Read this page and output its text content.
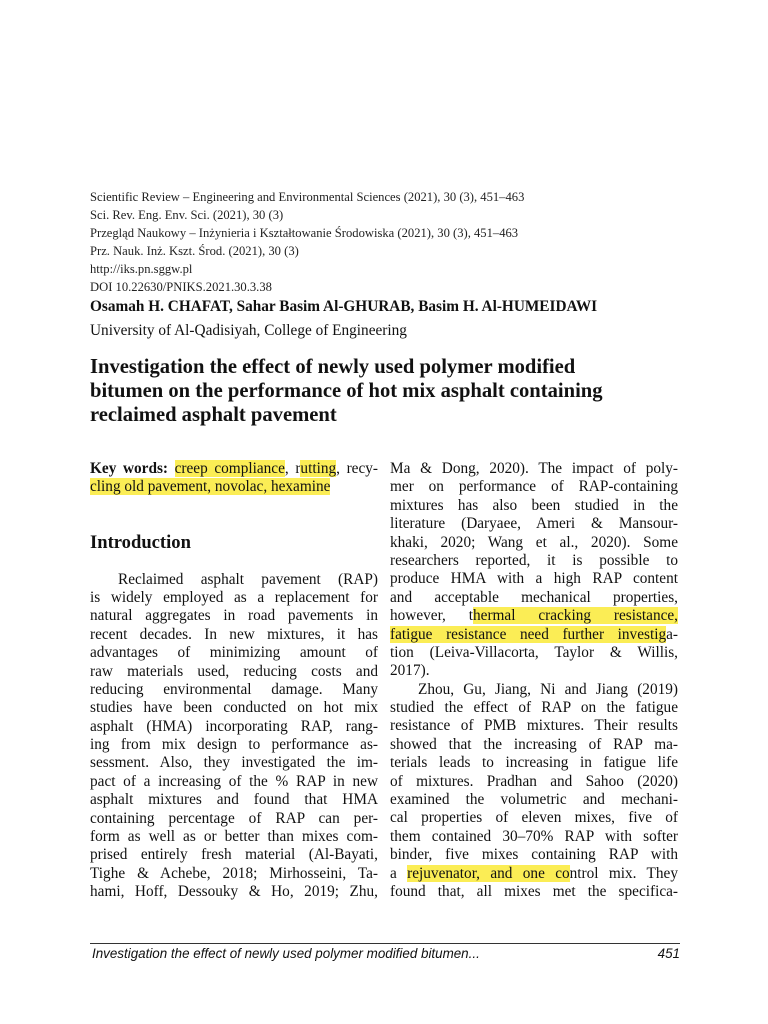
Scientific Review – Engineering and Environmental Sciences (2021), 30 (3), 451–463
Sci. Rev. Eng. Env. Sci. (2021), 30 (3)
Przegląd Naukowy – Inżynieria i Kształtowanie Środowiska (2021), 30 (3), 451–463
Prz. Nauk. Inż. Kszt. Środ. (2021), 30 (3)
http://iks.pn.sggw.pl
DOI 10.22630/PNIKS.2021.30.3.38
Osamah H. CHAFAT, Sahar Basim Al-GHURAB, Basim H. Al-HUMEIDAWI
University of Al-Qadisiyah, College of Engineering
Investigation the effect of newly used polymer modified
bitumen on the performance of hot mix asphalt containing
reclaimed asphalt pavement
Key words: creep compliance, rutting, recy-
cling old pavement, novolac, hexamine
Introduction
Reclaimed asphalt pavement (RAP)
is widely employed as a replacement for
natural aggregates in road pavements in
recent decades. In new mixtures, it has
advantages of minimizing amount of
raw materials used, reducing costs and
reducing environmental damage. Many
studies have been conducted on hot mix
asphalt (HMA) incorporating RAP, rang-
ing from mix design to performance as-
sessment. Also, they investigated the im-
pact of a increasing of the % RAP in new
asphalt mixtures and found that HMA
containing percentage of RAP can per-
form as well as or better than mixes com-
prised entirely fresh material (Al-Bayati,
Tighe & Achebe, 2018; Mirhosseini, Ta-
hami, Hoff, Dessouky & Ho, 2019; Zhu,
Ma & Dong, 2020). The impact of poly-
mer on performance of RAP-containing
mixtures has also been studied in the
literature (Daryaee, Ameri & Mansour-
khaki, 2020; Wang et al., 2020). Some
researchers reported, it is possible to
produce HMA with a high RAP content
and acceptable mechanical properties,
however, thermal cracking resistance,
fatigue resistance need further investiga-
tion (Leiva-Villacorta, Taylor & Willis,
2017).
Zhou, Gu, Jiang, Ni and Jiang (2019)
studied the effect of RAP on the fatigue
resistance of PMB mixtures. Their results
showed that the increasing of RAP ma-
terials leads to increasing in fatigue life
of mixtures. Pradhan and Sahoo (2020)
examined the volumetric and mechani-
cal properties of eleven mixes, five of
them contained 30–70% RAP with softer
binder, five mixes containing RAP with
a rejuvenator, and one control mix. They
found that, all mixes met the specifica-
Investigation the effect of newly used polymer modified bitumen...	451
